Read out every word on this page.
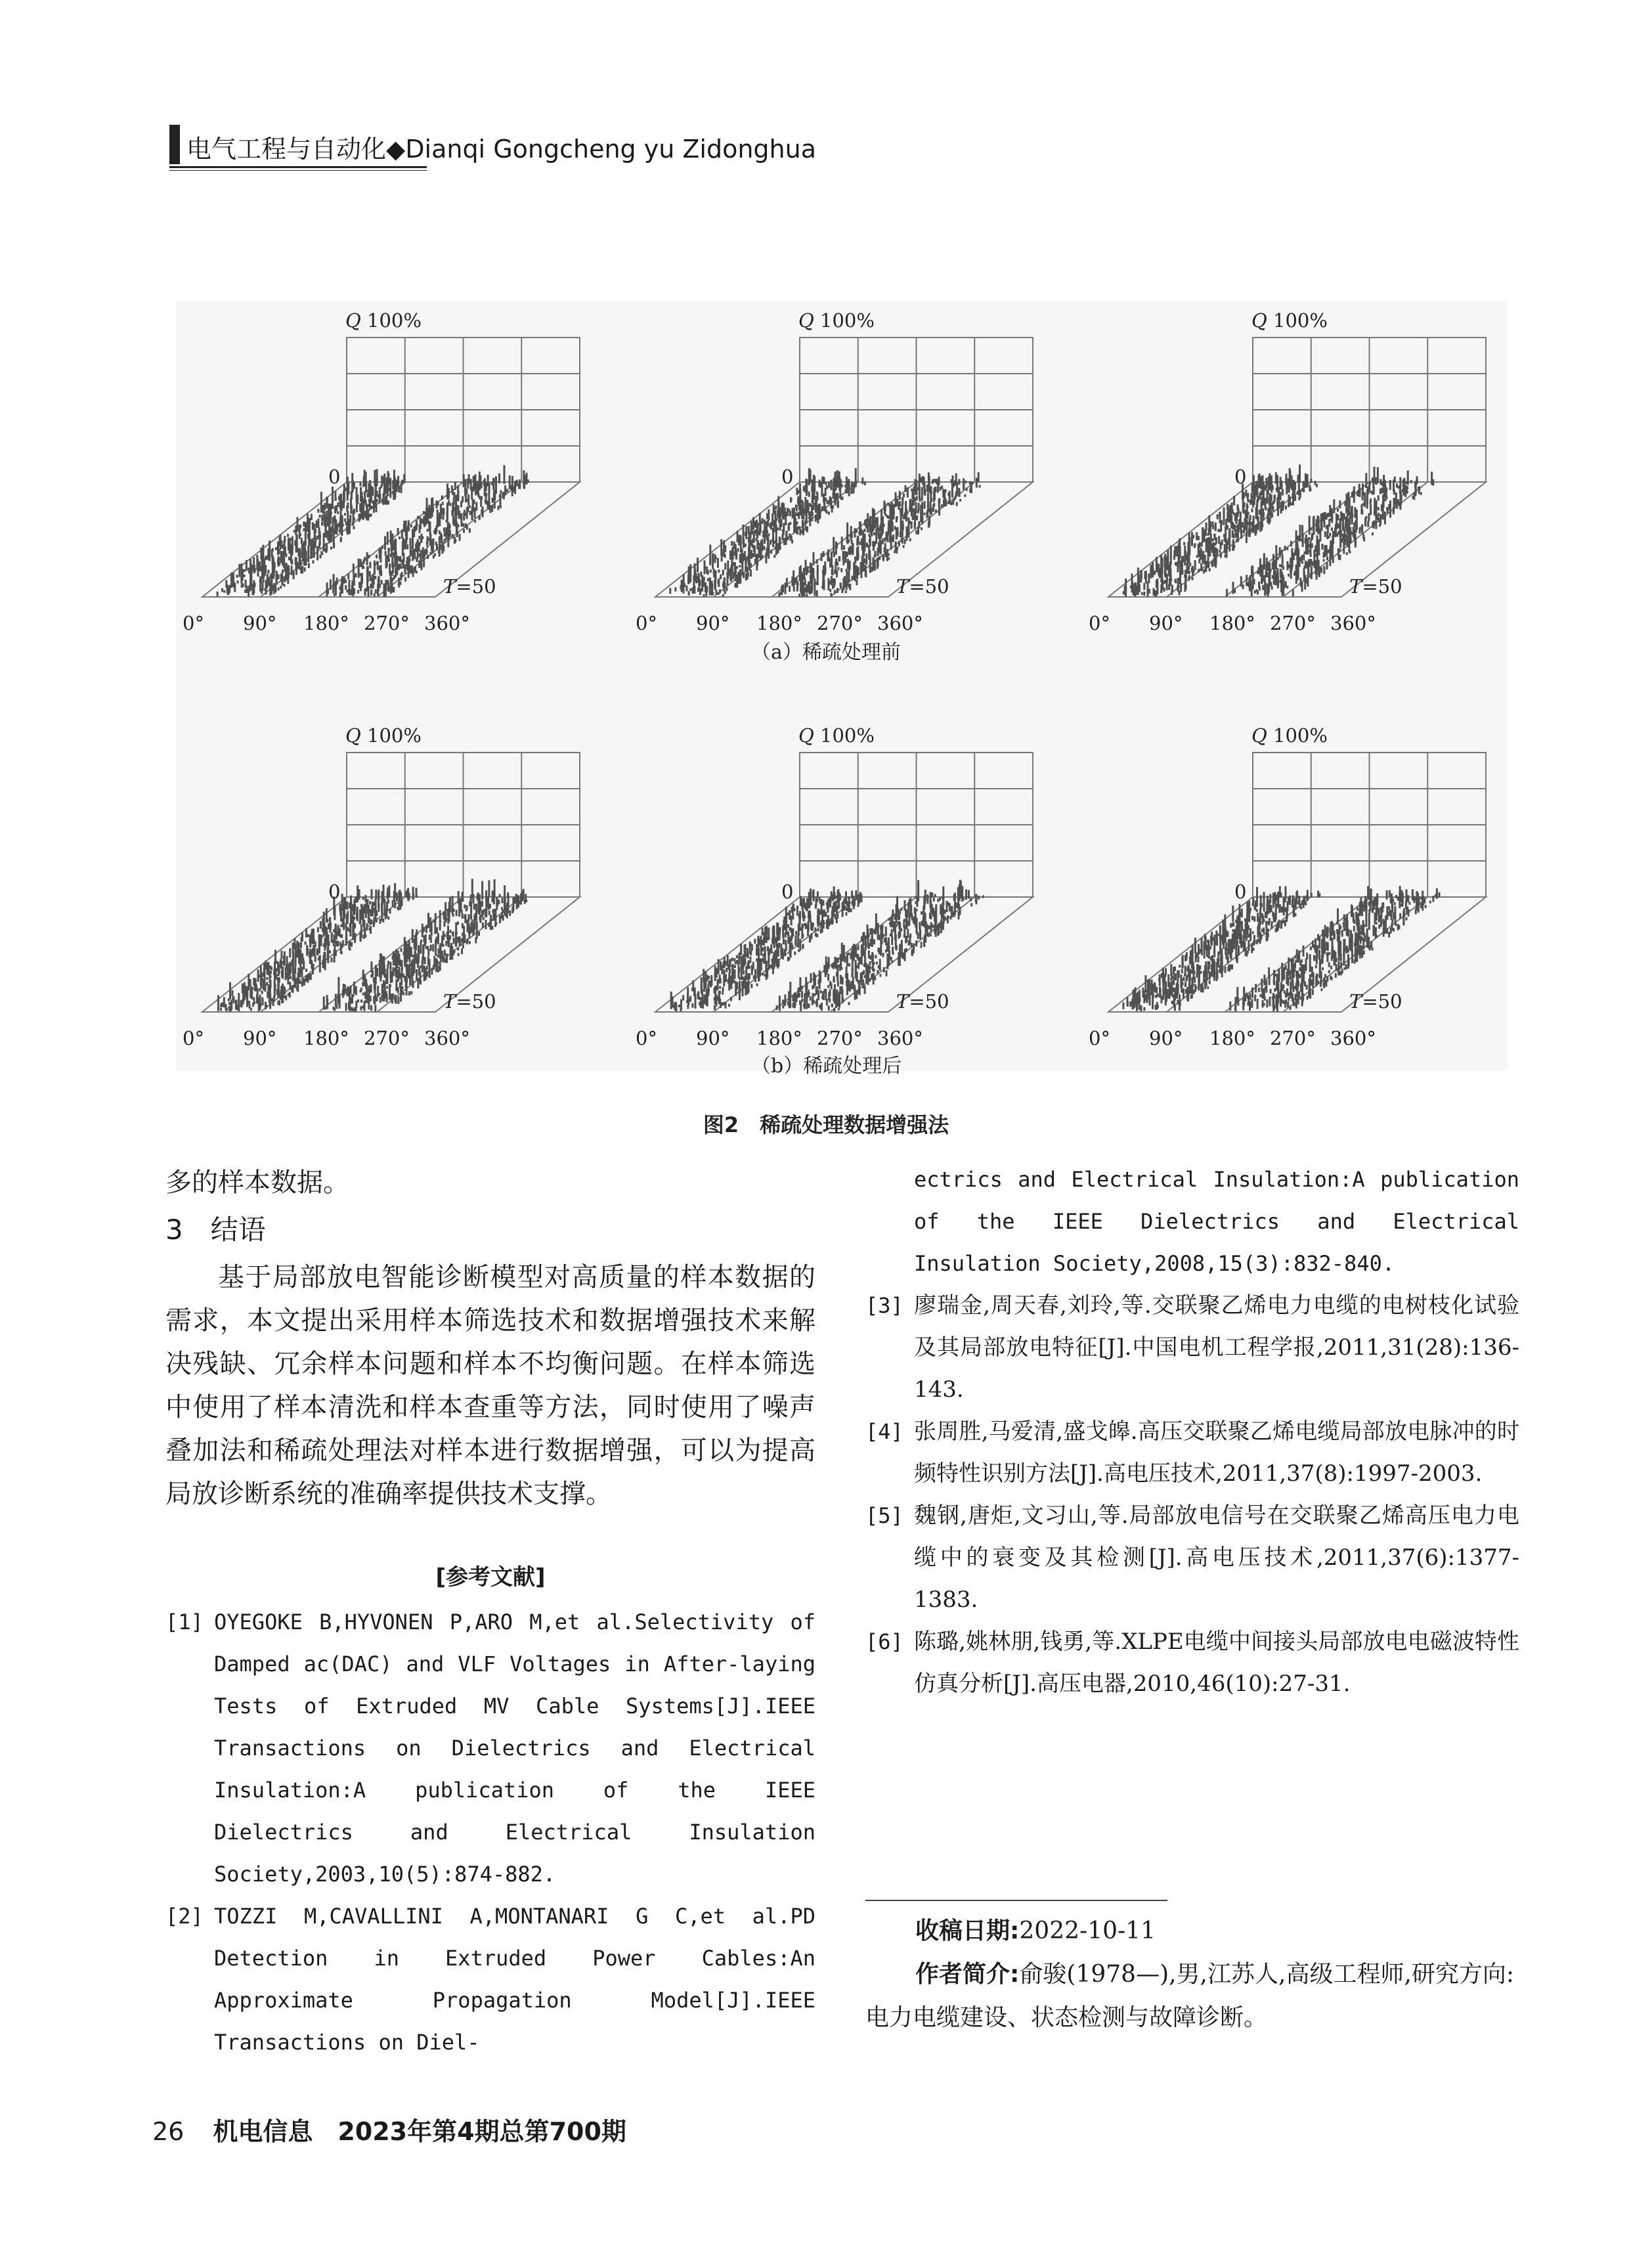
电气工程与自动化◆Dianqi Gongcheng yu Zidonghua
Q 100%
0
T=50
0° 90° 180° 270° 360°
Q 100%
0
T=50
0° 90° 180° 270° 360°
Q 100%
0
T=50
0° 90° 180° 270° 360°
Q 100%
0
T=50
0° 90° 180° 270° 360°
Q 100%
0
T=50
0° 90° 180° 270° 360°
Q 100%
0
T=50
0° 90° 180° 270° 360°
（a）稀疏处理前
（b）稀疏处理后
图2　稀疏处理数据增强法

多的样本数据。

3　结语

基于局部放电智能诊断模型对高质量的样本数据的需求，本文提出采用样本筛选技术和数据增强技术来解决残缺、冗余样本问题和样本不均衡问题。在样本筛选中使用了样本清洗和样本查重等方法，同时使用了噪声叠加法和稀疏处理法对样本进行数据增强，可以为提高局放诊断系统的准确率提供技术支撑。

[参考文献]

[1] OYEGOKE B,HYVONEN P,ARO M,et al.Selectivity of Damped ac(DAC) and VLF Voltages in After-laying Tests of Extruded MV Cable Systems[J].IEEE Transactions on Dielectrics and Electrical Insulation:A publication of the IEEE Dielectrics and Electrical Insulation Society,2003,10(5):874-882.

[2] TOZZI M,CAVALLINI A,MONTANARI G C,et al.PD Detection in Extruded Power Cables:An Approximate Propagation Model[J].IEEE Transactions on Diel-

ectrics and Electrical Insulation:A publication of the IEEE Dielectrics and Electrical Insulation Society,2008,15(3):832-840.

[3] 廖瑞金,周天春,刘玲,等.交联聚乙烯电力电缆的电树枝化试验及其局部放电特征[J].中国电机工程学报,2011,31(28):136-143.

[4] 张周胜,马爱清,盛戈皞.高压交联聚乙烯电缆局部放电脉冲的时频特性识别方法[J].高电压技术,2011,37(8):1997-2003.

[5] 魏钢,唐炬,文习山,等.局部放电信号在交联聚乙烯高压电力电缆中的衰变及其检测[J].高电压技术,2011,37(6):1377-1383.

[6] 陈璐,姚林朋,钱勇,等.XLPE电缆中间接头局部放电电磁波特性仿真分析[J].高压电器,2010,46(10):27-31.

收稿日期:2022-10-11

作者简介:俞骏(1978—),男,江苏人,高级工程师,研究方向:电力电缆建设、状态检测与故障诊断。

26 机电信息　2023年第4期总第700期
